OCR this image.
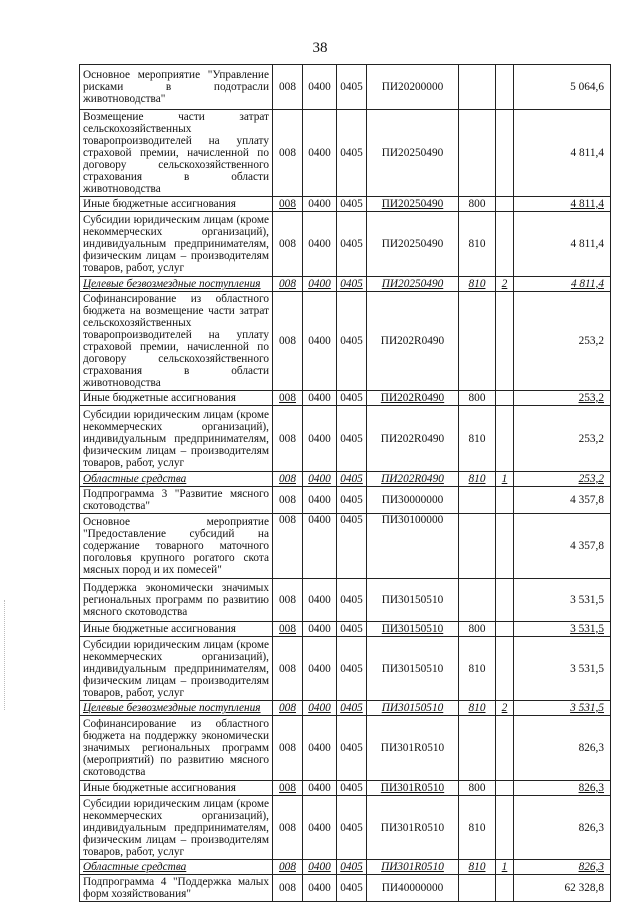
38
Основное мероприятие "Управление рисками в подотрасли животноводства"	008	0400	0405	ПИ20200000			5 064,6
Возмещение части затрат сельскохозяйственных товаропроизводителей на уплату страховой премии, начисленной по договору сельскохозяйственного страхования в области животноводства	008	0400	0405	ПИ20250490			4 811,4
Иные бюджетные ассигнования	008	0400	0405	ПИ20250490	800		4 811,4
Субсидии юридическим лицам (кроме некоммерческих организаций), индивидуальным предпринимателям, физическим лицам – производителям товаров, работ, услуг	008	0400	0405	ПИ20250490	810		4 811,4
Целевые безвозмездные поступления	008	0400	0405	ПИ20250490	810	2	4 811,4
Софинансирование из областного бюджета на возмещение части затрат сельскохозяйственных товаропроизводителей на уплату страховой премии, начисленной по договору сельскохозяйственного страхования в области животноводства	008	0400	0405	ПИ202R0490			253,2
Иные бюджетные ассигнования	008	0400	0405	ПИ202R0490	800		253,2
Субсидии юридическим лицам (кроме некоммерческих организаций), индивидуальным предпринимателям, физическим лицам – производителям товаров, работ, услуг	008	0400	0405	ПИ202R0490	810		253,2
Областные средства	008	0400	0405	ПИ202R0490	810	1	253,2
Подпрограмма 3 "Развитие мясного скотоводства"	008	0400	0405	ПИ30000000			4 357,8
Основное мероприятие "Предоставление субсидий на содержание товарного маточного поголовья крупного рогатого скота мясных пород и их помесей"	008	0400	0405	ПИ30100000			4 357,8
Поддержка экономически значимых региональных программ по развитию мясного скотоводства	008	0400	0405	ПИ30150510			3 531,5
Иные бюджетные ассигнования	008	0400	0405	ПИ30150510	800		3 531,5
Субсидии юридическим лицам (кроме некоммерческих организаций), индивидуальным предпринимателям, физическим лицам – производителям товаров, работ, услуг	008	0400	0405	ПИ30150510	810		3 531,5
Целевые безвозмездные поступления	008	0400	0405	ПИ30150510	810	2	3 531,5
Софинансирование из областного бюджета на поддержку экономически значимых региональных программ (мероприятий) по развитию мясного скотоводства	008	0400	0405	ПИ301R0510			826,3
Иные бюджетные ассигнования	008	0400	0405	ПИ301R0510	800		826,3
Субсидии юридическим лицам (кроме некоммерческих организаций), индивидуальным предпринимателям, физическим лицам – производителям товаров, работ, услуг	008	0400	0405	ПИ301R0510	810		826,3
Областные средства	008	0400	0405	ПИ301R0510	810	1	826,3
Подпрограмма 4 "Поддержка малых форм хозяйствования"	008	0400	0405	ПИ40000000			62 328,8
